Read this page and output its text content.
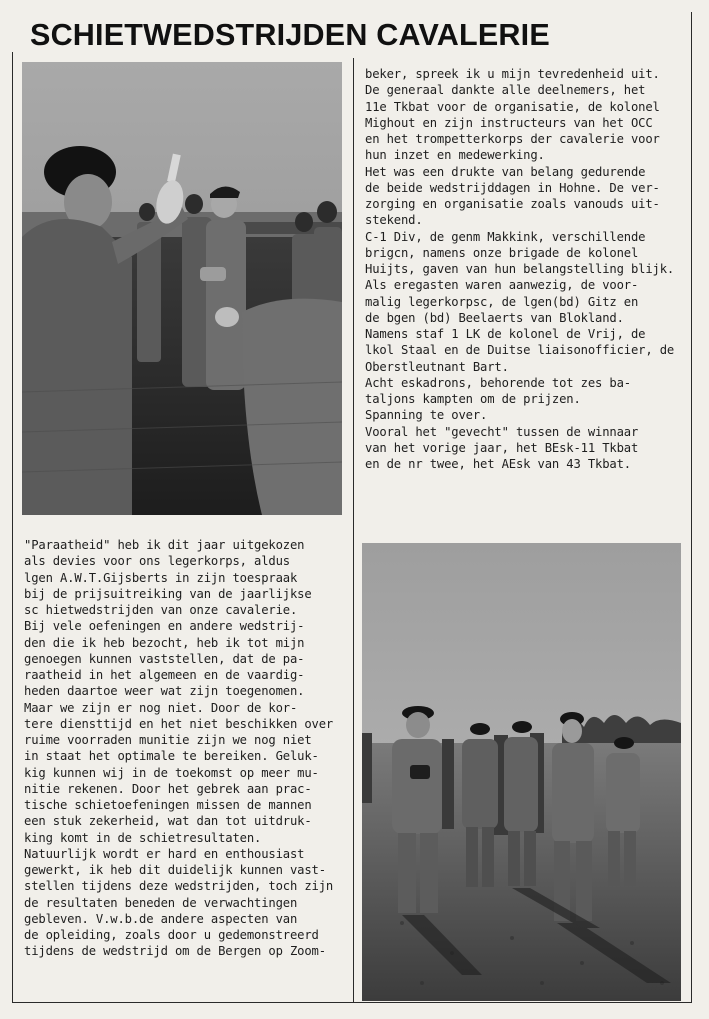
SCHIETWEDSTRIJDEN CAVALERIE
beker, spreek ik u mijn tevredenheid uit.
De generaal dankte alle deelnemers, het
11e Tkbat voor de organisatie, de kolonel
Mighout en zijn instructeurs van het OCC
en het trompetterkorps der cavalerie voor
hun inzet en medewerking.
Het was een drukte van belang gedurende
de beide wedstrijddagen in Hohne. De ver-
zorging en organisatie zoals vanouds uit-
stekend.
C-1 Div, de genm Makkink, verschillende
brigcn, namens onze brigade de kolonel
Huijts, gaven van hun belangstelling blijk.
Als eregasten waren aanwezig, de voor-
malig legerkorpsc, de lgen(bd) Gitz en
de bgen (bd) Beelaerts van Blokland.
Namens staf 1 LK de kolonel de Vrij, de
lkol Staal en de Duitse liaisonofficier, de
Oberstleutnant Bart.
Acht eskadrons, behorende tot zes ba-
taljons kampten om de prijzen.
Spanning te over.
Vooral het "gevecht" tussen de winnaar
van het vorige jaar, het BEsk-11 Tkbat
en de nr twee, het AEsk van 43 Tkbat.
"Paraatheid" heb ik dit jaar uitgekozen
als devies voor ons legerkorps, aldus
lgen A.W.T.Gijsberts in zijn toespraak
bij de prijsuitreiking van de jaarlijkse
sc hietwedstrijden van onze cavalerie.
Bij vele oefeningen en andere wedstrij-
den die ik heb bezocht, heb ik tot mijn
genoegen kunnen vaststellen, dat de pa-
raatheid in het algemeen en de vaardig-
heden daartoe weer wat zijn toegenomen.
Maar we zijn er nog niet. Door de kor-
tere diensttijd en het niet beschikken over
ruime voorraden munitie zijn we nog niet
in staat het optimale te bereiken. Geluk-
kig kunnen wij in de toekomst op meer mu-
nitie rekenen. Door het gebrek aan prac-
tische schietoefeningen missen de mannen
een stuk zekerheid, wat dan tot uitdruk-
king komt in de schietresultaten.
Natuurlijk wordt er hard en enthousiast
gewerkt, ik heb dit duidelijk kunnen vast-
stellen tijdens deze wedstrijden, toch zijn
de resultaten beneden de verwachtingen
gebleven. V.w.b.de andere aspecten van
de opleiding, zoals door u gedemonstreerd
tijdens de wedstrijd om de Bergen op Zoom-
